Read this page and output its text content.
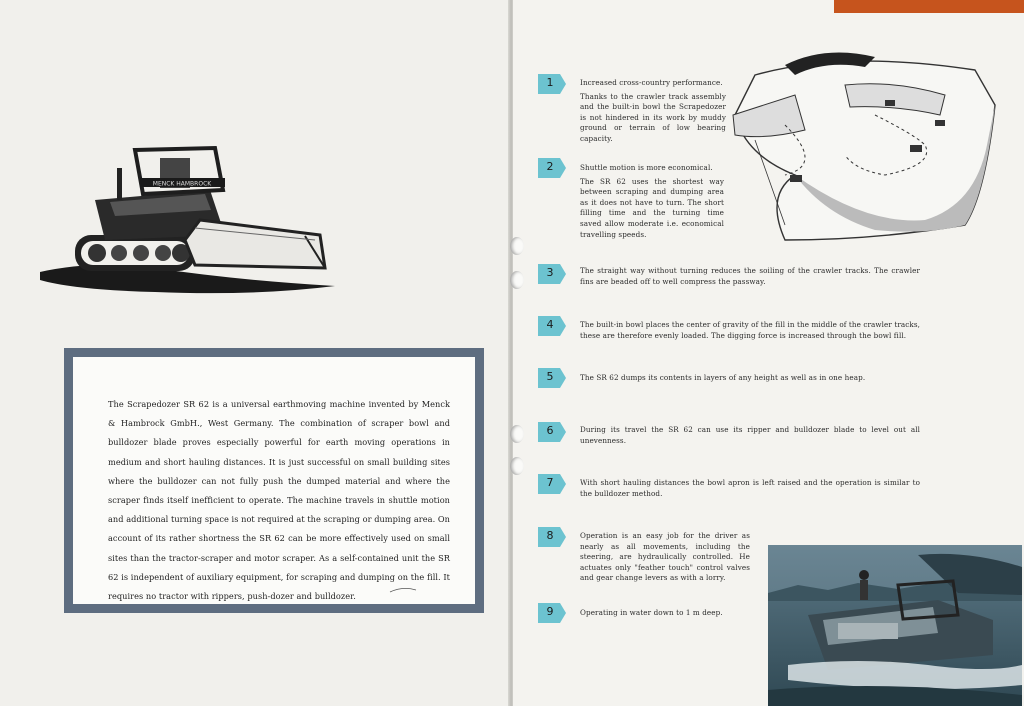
MENCK HAMBROCK
The Scrapedozer SR 62 is a universal earthmoving machine invented by Menck & Hambrock GmbH., West Germany. The combination of scraper bowl and bulldozer blade proves especially powerful for earth moving operations in medium and short hauling distances. It is just successful on small building sites where the bulldozer can not fully push the dumped material and where the scraper finds itself inefficient to operate. The machine travels in shuttle motion and additional turning space is not required at the scraping or dumping area. On account of its rather shortness the SR 62 can be more effectively used on small sites than the tractor-scraper and motor scraper. As a self-contained unit the SR 62 is independent of auxiliary equipment, for scraping and dumping on the fill. It requires no tractor with rippers, push-dozer and bulldozer.
1	Increased cross-country performance.
Thanks to the crawler track assembly and the built-in bowl the Scrapedozer is not hindered in its work by muddy ground or terrain of low bearing capacity.
2	Shuttle motion is more economical.
The SR 62 uses the shortest way between scraping and dumping area as it does not have to turn. The short filling time and the turning time saved allow moderate i.e. economical travelling speeds.
3	The straight way without turning reduces the soiling of the crawler tracks. The crawler fins are beaded off to well compress the passway.
4	The built-in bowl places the center of gravity of the fill in the middle of the crawler tracks, these are therefore evenly loaded. The digging force is increased through the bowl fill.
5	The SR 62 dumps its contents in layers of any height as well as in one heap.
6	During its travel the SR 62 can use its ripper and bulldozer blade to level out all unevenness.
7	With short hauling distances the bowl apron is left raised and the operation is similar to the bulldozer method.
8	Operation is an easy job for the driver as nearly as all movements, including the steering, are hydraulically controlled. He actuates only "feather touch" control valves and gear change levers as with a lorry.
9	Operating in water down to 1 m deep.
